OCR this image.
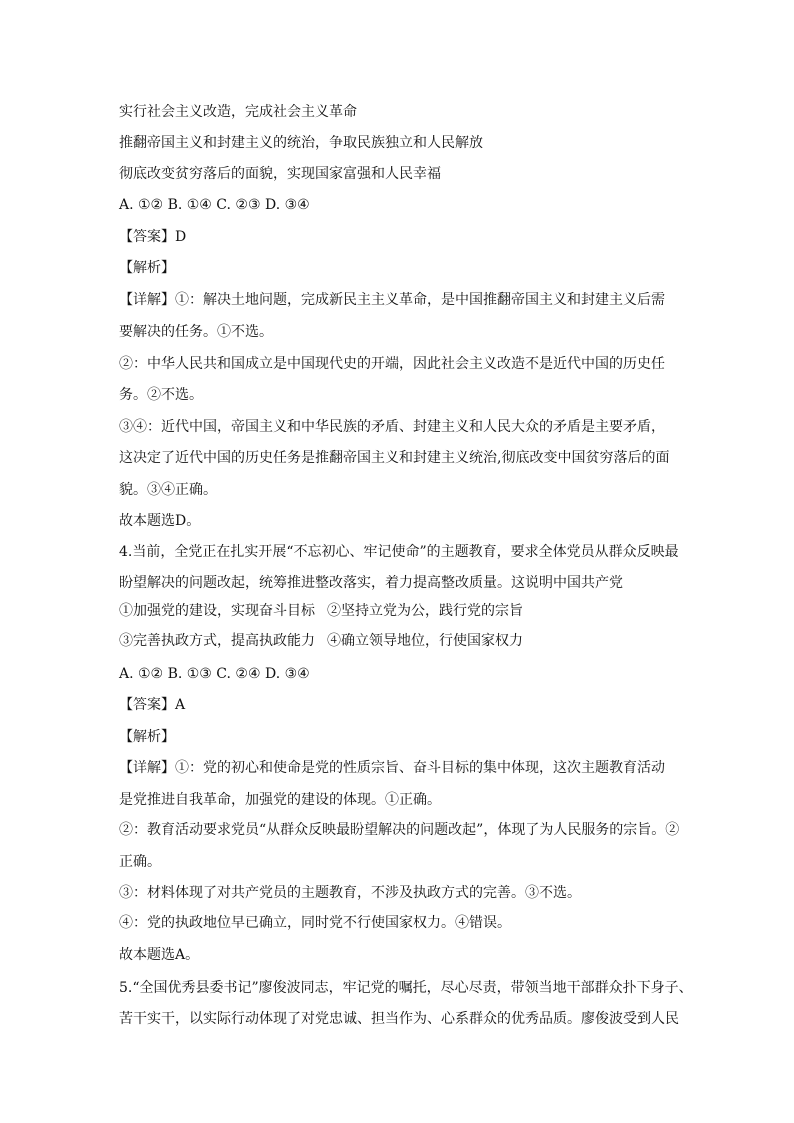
实行社会主义改造，完成社会主义革命
推翻帝国主义和封建主义的统治，争取民族独立和人民解放
彻底改变贫穷落后的面貌，实现国家富强和人民幸福
A. ①② B. ①④ C. ②③ D. ③④
【答案】D
【解析】
【详解】①：解决土地问题，完成新民主主义革命，是中国推翻帝国主义和封建主义后需
要解决的任务。①不选。
②：中华人民共和国成立是中国现代史的开端，因此社会主义改造不是近代中国的历史任
务。②不选。
③④：近代中国，帝国主义和中华民族的矛盾、封建主义和人民大众的矛盾是主要矛盾，
这决定了近代中国的历史任务是推翻帝国主义和封建主义统治,彻底改变中国贫穷落后的面
貌。③④正确。
故本题选D。
4.当前，全党正在扎实开展“不忘初心、牢记使命”的主题教育，要求全体党员从群众反映最
盼望解决的问题改起，统筹推进整改落实，着力提高整改质量。这说明中国共产党
①加强党的建设，实现奋斗目标 ②坚持立党为公，践行党的宗旨
③完善执政方式，提高执政能力 ④确立领导地位，行使国家权力
A. ①② B. ①③ C. ②④ D. ③④
【答案】A
【解析】
【详解】①：党的初心和使命是党的性质宗旨、奋斗目标的集中体现，这次主题教育活动
是党推进自我革命，加强党的建设的体现。①正确。
②：教育活动要求党员“从群众反映最盼望解决的问题改起”，体现了为人民服务的宗旨。②
正确。
③：材料体现了对共产党员的主题教育，不涉及执政方式的完善。③不选。
④：党的执政地位早已确立，同时党不行使国家权力。④错误。
故本题选A。
5.“全国优秀县委书记”廖俊波同志，牢记党的嘱托，尽心尽责，带领当地干部群众扑下身子、
苦干实干，以实际行动体现了对党忠诚、担当作为、心系群众的优秀品质。廖俊波受到人民
